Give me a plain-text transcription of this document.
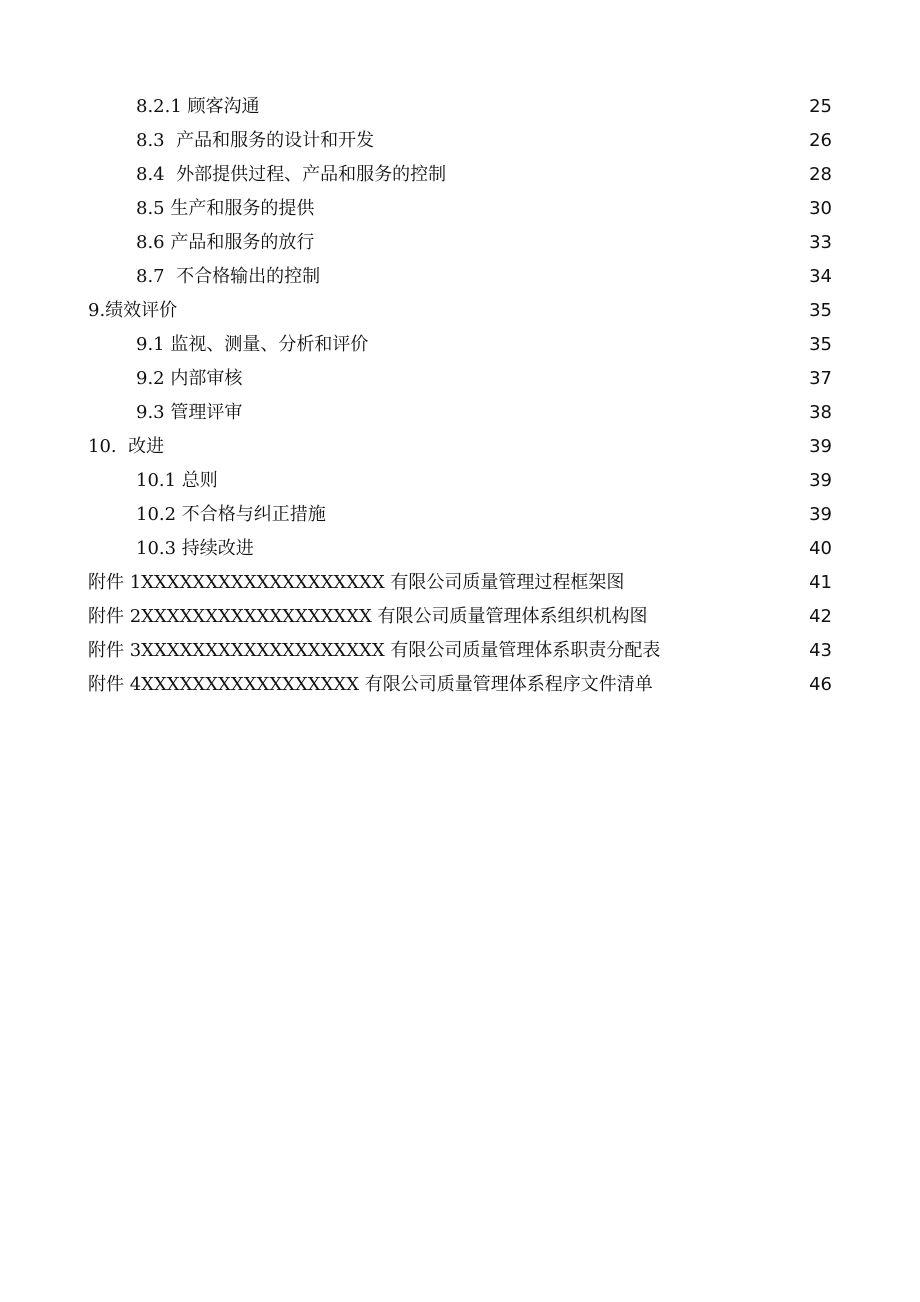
8.2.1 顾客沟通	25
8.3  产品和服务的设计和开发	26
8.4  外部提供过程、产品和服务的控制	28
8.5 生产和服务的提供	30
8.6 产品和服务的放行	33
8.7  不合格输出的控制	34
9.绩效评价	35
9.1 监视、测量、分析和评价	35
9.2 内部审核	37
9.3 管理评审	38
10.  改进	39
10.1 总则	39
10.2 不合格与纠正措施	39
10.3 持续改进	40
附件 1XXXXXXXXXXXXXXXXXXX 有限公司质量管理过程框架图	41
附件 2XXXXXXXXXXXXXXXXXX 有限公司质量管理体系组织机构图	42
附件 3XXXXXXXXXXXXXXXXXXX 有限公司质量管理体系职责分配表	43
附件 4XXXXXXXXXXXXXXXXX 有限公司质量管理体系程序文件清单	46
